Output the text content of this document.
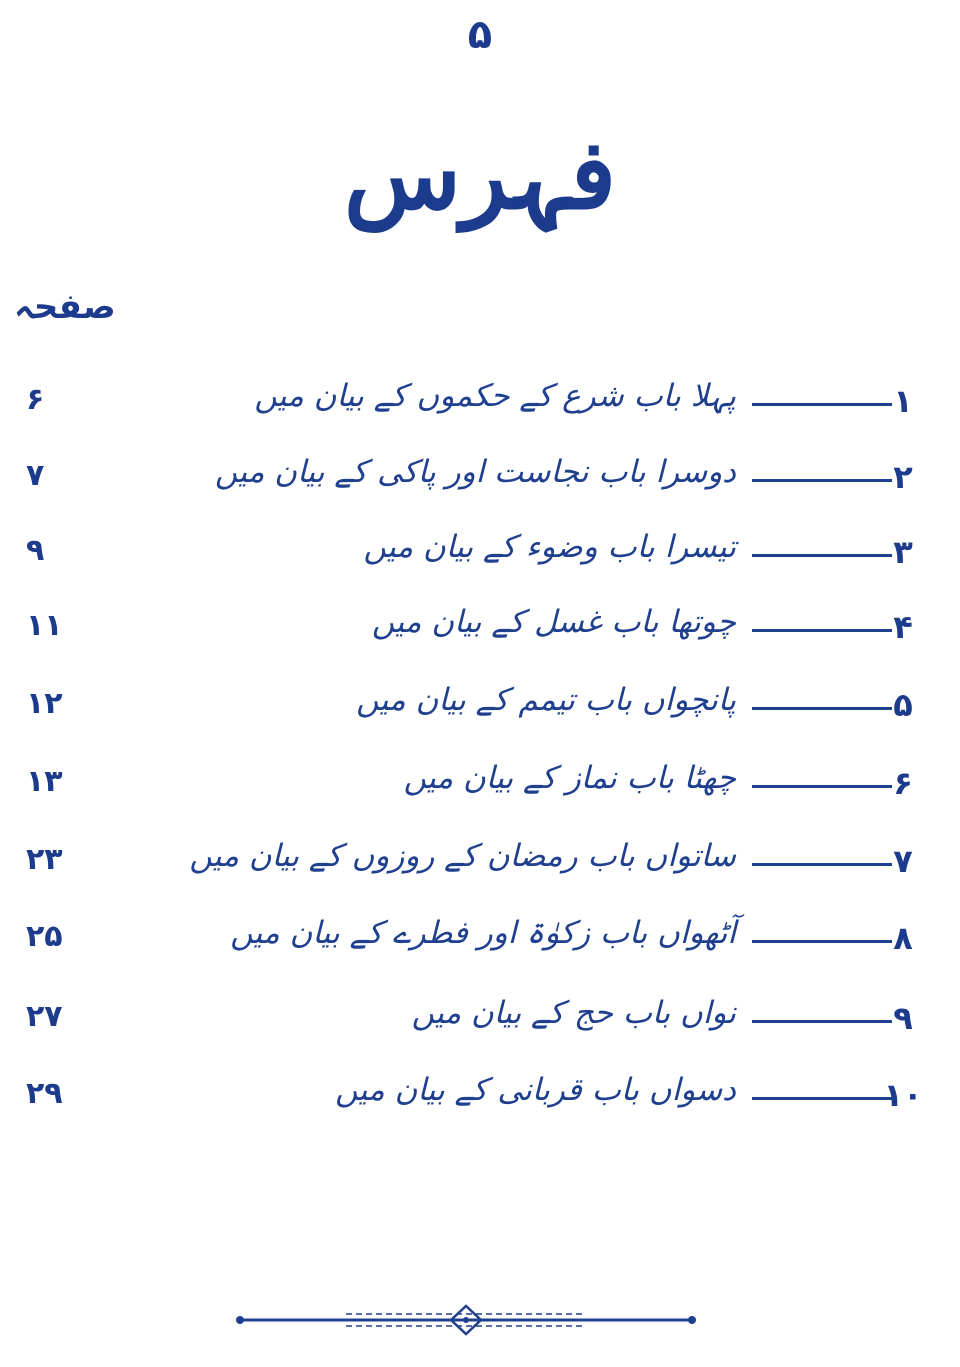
۵
فہرس
صفحہ
۱
پہلا باب شرع کے حکموں کے بیان میں
۶
۲
دوسرا باب نجاست اور پاکی کے بیان میں
۷
۳
تیسرا باب وضوء کے بیان میں
۹
۴
چوتھا باب غسل کے بیان میں
۱۱
۵
پانچواں باب تیمم کے بیان میں
۱۲
۶
چھٹا باب نماز کے بیان میں
۱۳
۷
ساتواں باب رمضان کے روزوں کے بیان میں
۲۳
۸
آٹھواں باب زکوٰۃ اور فطرے کے بیان میں
۲۵
۹
نواں باب حج کے بیان میں
۲۷
۱۰
دسواں باب قربانی کے بیان میں
۲۹
